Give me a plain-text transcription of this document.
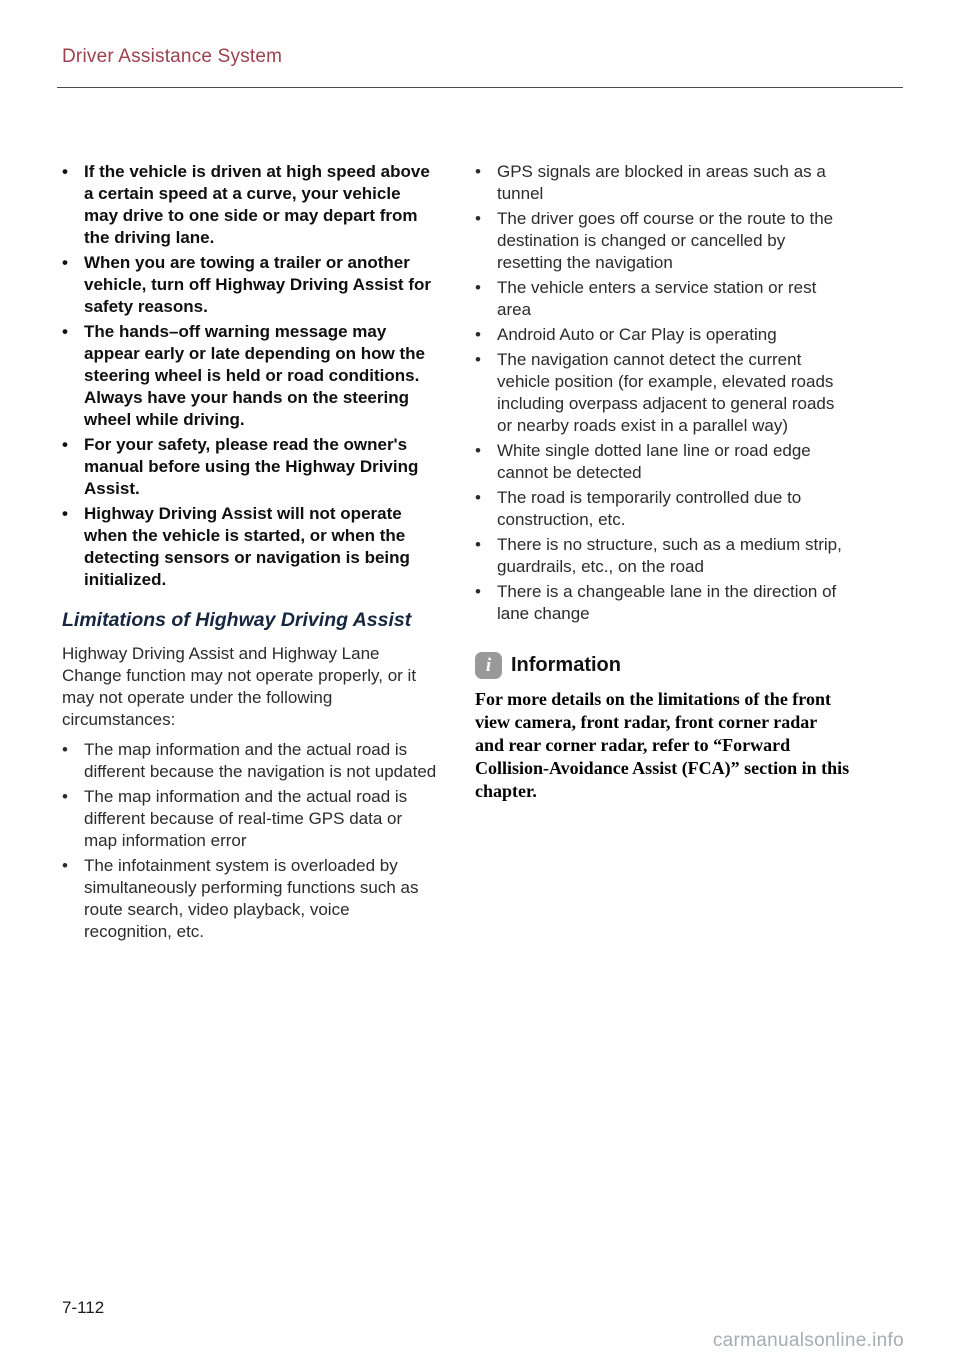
Driver Assistance System
• If the vehicle is driven at high speed above a certain speed at a curve, your vehicle may drive to one side or may depart from the driving lane.
• When you are towing a trailer or another vehicle, turn off Highway Driving Assist for safety reasons.
• The hands–off warning message may appear early or late depending on how the steering wheel is held or road conditions. Always have your hands on the steering wheel while driving.
• For your safety, please read the owner's manual before using the Highway Driving Assist.
• Highway Driving Assist will not operate when the vehicle is started, or when the detecting sensors or navigation is being initialized.
Limitations of Highway Driving Assist
Highway Driving Assist and Highway Lane Change function may not operate properly, or it may not operate under the following circumstances:
• The map information and the actual road is different because the navigation is not updated
• The map information and the actual road is different because of real-time GPS data or map information error
• The infotainment system is overloaded by simultaneously performing functions such as route search, video playback, voice recognition, etc.
• GPS signals are blocked in areas such as a tunnel
• The driver goes off course or the route to the destination is changed or cancelled by resetting the navigation
• The vehicle enters a service station or rest area
• Android Auto or Car Play is operating
• The navigation cannot detect the current vehicle position (for example, elevated roads including overpass adjacent to general roads or nearby roads exist in a parallel way)
• White single dotted lane line or road edge cannot be detected
• The road is temporarily controlled due to construction, etc.
• There is no structure, such as a medium strip, guardrails, etc., on the road
• There is a changeable lane in the direction of lane change
i Information
For more details on the limitations of the front view camera, front radar, front corner radar and rear corner radar, refer to “Forward Collision-Avoidance Assist (FCA)” section in this chapter.
7-112
carmanualsonline.info
